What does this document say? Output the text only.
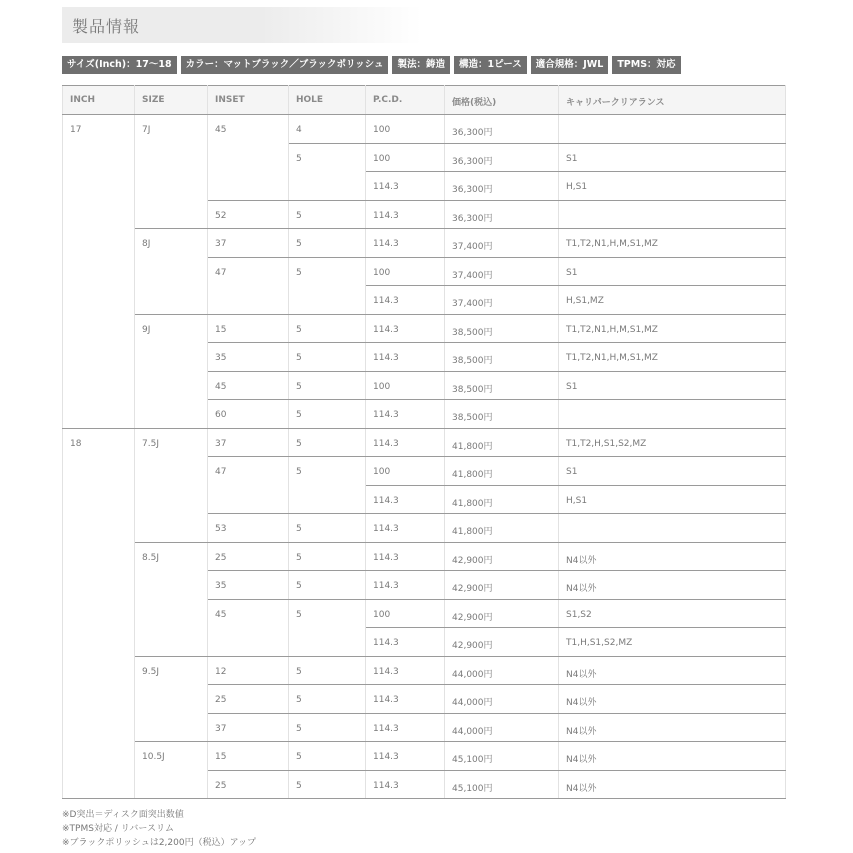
製品情報
サイズ(Inch)：17〜18	カラー：マットブラック／ブラックポリッシュ	製法：鋳造	構造：1ピース	適合規格：JWL	TPMS：対応
INCH	SIZE	INSET	HOLE	P.C.D.	価格(税込)	キャリパークリアランス
17	7J	45	4	100	36,300円	
			5	100	36,300円	S1
				114.3	36,300円	H,S1
		52	5	114.3	36,300円	
	8J	37	5	114.3	37,400円	T1,T2,N1,H,M,S1,MZ
		47	5	100	37,400円	S1
				114.3	37,400円	H,S1,MZ
	9J	15	5	114.3	38,500円	T1,T2,N1,H,M,S1,MZ
		35	5	114.3	38,500円	T1,T2,N1,H,M,S1,MZ
		45	5	100	38,500円	S1
		60	5	114.3	38,500円	
18	7.5J	37	5	114.3	41,800円	T1,T2,H,S1,S2,MZ
		47	5	100	41,800円	S1
				114.3	41,800円	H,S1
		53	5	114.3	41,800円	
	8.5J	25	5	114.3	42,900円	N4以外
		35	5	114.3	42,900円	N4以外
		45	5	100	42,900円	S1,S2
				114.3	42,900円	T1,H,S1,S2,MZ
	9.5J	12	5	114.3	44,000円	N4以外
		25	5	114.3	44,000円	N4以外
		37	5	114.3	44,000円	N4以外
	10.5J	15	5	114.3	45,100円	N4以外
		25	5	114.3	45,100円	N4以外
※D突出＝ディスク面突出数値
※TPMS対応 / リバースリム
※ブラックポリッシュは2,200円（税込）アップ
